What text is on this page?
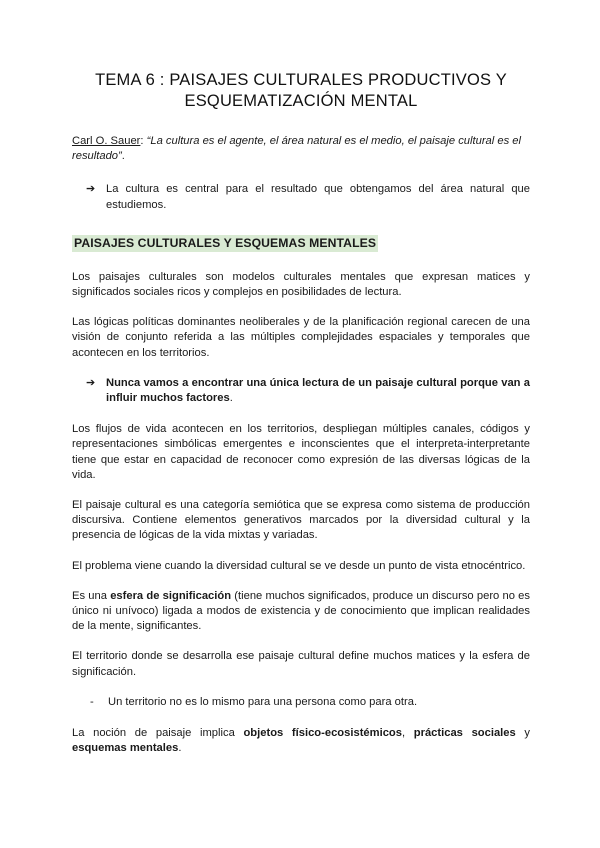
TEMA 6 : PAISAJES CULTURALES PRODUCTIVOS Y
ESQUEMATIZACIÓN MENTAL
Carl O. Sauer: “La cultura es el agente, el área natural es el medio, el paisaje cultural es el resultado”.
➔ La cultura es central para el resultado que obtengamos del área natural que estudiemos.
PAISAJES CULTURALES Y ESQUEMAS MENTALES

Los paisajes culturales son modelos culturales mentales que expresan matices y significados sociales ricos y complejos en posibilidades de lectura.

Las lógicas políticas dominantes neoliberales y de la planificación regional carecen de una visión de conjunto referida a las múltiples complejidades espaciales y temporales que acontecen en los territorios.

➔ Nunca vamos a encontrar una única lectura de un paisaje cultural porque van a influir muchos factores.

Los flujos de vida acontecen en los territorios, despliegan múltiples canales, códigos y representaciones simbólicas emergentes e inconscientes que el interpreta-interpretante tiene que estar en capacidad de reconocer como expresión de las diversas lógicas de la vida.

El paisaje cultural es una categoría semiótica que se expresa como sistema de producción discursiva. Contiene elementos generativos marcados por la diversidad cultural y la presencia de lógicas de la vida mixtas y variadas.

El problema viene cuando la diversidad cultural se ve desde un punto de vista etnocéntrico.

Es una esfera de significación (tiene muchos significados, produce un discurso pero no es único ni unívoco) ligada a modos de existencia y de conocimiento que implican realidades de la mente, significantes.

El territorio donde se desarrolla ese paisaje cultural define muchos matices y la esfera de significación.

-	Un territorio no es lo mismo para una persona como para otra.

La noción de paisaje implica objetos físico-ecosistémicos, prácticas sociales y esquemas mentales.
